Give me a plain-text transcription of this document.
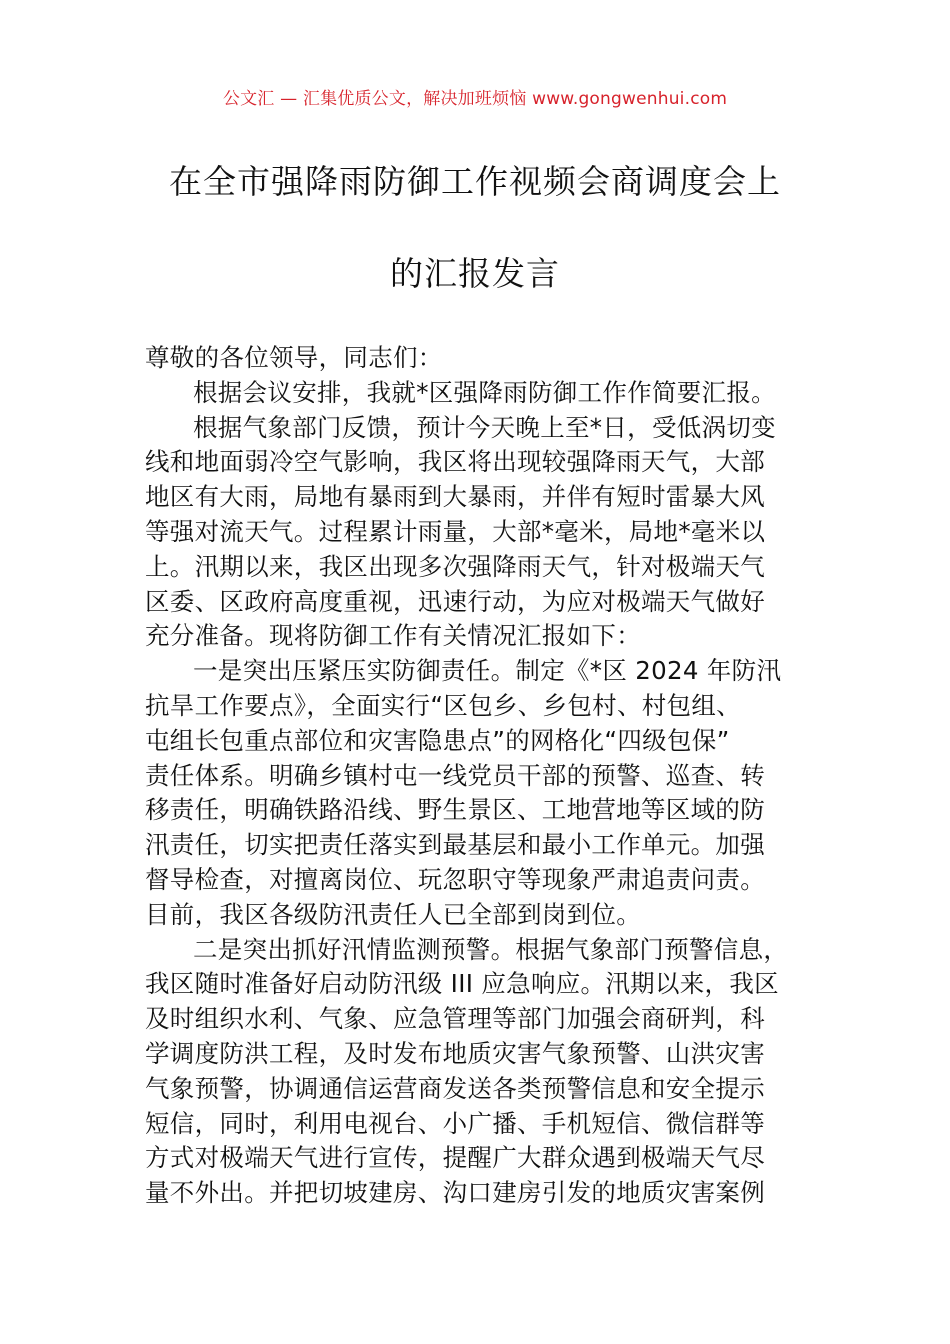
公文汇 — 汇集优质公文，解决加班烦恼 www.gongwenhui.com
在全市强降雨防御工作视频会商调度会上
的汇报发言
尊敬的各位领导，同志们：
根据会议安排，我就*区强降雨防御工作作简要汇报。
根据气象部门反馈，预计今天晚上至*日，受低涡切变
线和地面弱冷空气影响，我区将出现较强降雨天气，大部
地区有大雨，局地有暴雨到大暴雨，并伴有短时雷暴大风
等强对流天气。过程累计雨量，大部*毫米，局地*毫米以
上。汛期以来，我区出现多次强降雨天气，针对极端天气
区委、区政府高度重视，迅速行动，为应对极端天气做好
充分准备。现将防御工作有关情况汇报如下：
一是突出压紧压实防御责任。制定《*区 2024 年防汛
抗旱工作要点》，全面实行“区包乡、乡包村、村包组、
屯组长包重点部位和灾害隐患点”的网格化“四级包保”
责任体系。明确乡镇村屯一线党员干部的预警、巡查、转
移责任，明确铁路沿线、野生景区、工地营地等区域的防
汛责任，切实把责任落实到最基层和最小工作单元。加强
督导检查，对擅离岗位、玩忽职守等现象严肃追责问责。
目前，我区各级防汛责任人已全部到岗到位。
二是突出抓好汛情监测预警。根据气象部门预警信息，
我区随时准备好启动防汛级 III 应急响应。汛期以来，我区
及时组织水利、气象、应急管理等部门加强会商研判，科
学调度防洪工程，及时发布地质灾害气象预警、山洪灾害
气象预警，协调通信运营商发送各类预警信息和安全提示
短信，同时，利用电视台、小广播、手机短信、微信群等
方式对极端天气进行宣传，提醒广大群众遇到极端天气尽
量不外出。并把切坡建房、沟口建房引发的地质灾害案例
